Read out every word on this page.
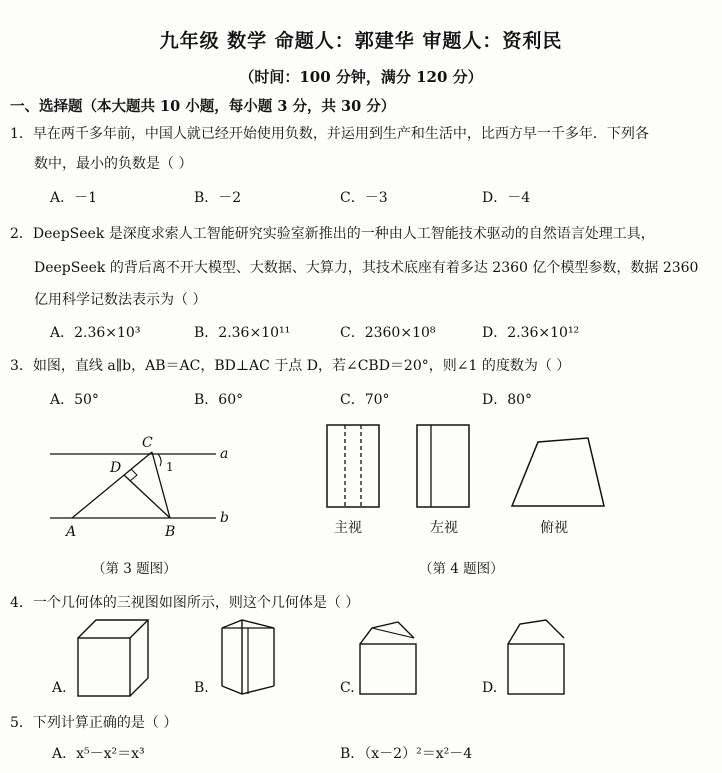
九年级 数学 命题人：郭建华 审题人：资利民
（时间：100 分钟，满分 120 分）
一、选择题（本大题共 10 小题，每小题 3 分，共 30 分）
1．早在两千多年前，中国人就已经开始使用负数，并运用到生产和生活中，比西方早一千多年．下列各
数中，最小的负数是（ ）
A．－1	B．－2	C．－3	D．－4
2．DeepSeek 是深度求索人工智能研究实验室新推出的一种由人工智能技术驱动的自然语言处理工具，
DeepSeek 的背后离不开大模型、大数据、大算力，其技术底座有着多达 2360 亿个模型参数，数据 2360
亿用科学记数法表示为（ ）
A．2.36×10³	B．2.36×10¹¹	C．2360×10⁸	D．2.36×10¹²
3．如图，直线 a∥b，AB＝AC，BD⊥AC 于点 D，若∠CBD＝20°，则∠1 的度数为（ ）
A．50°	B．60°	C．70°	D．80°
C
D
A	B
a
b
1
（第 3 题图）
主视	左视	俯视
（第 4 题图）
4．一个几何体的三视图如图所示，则这个几何体是（ ）
A.	B.	C.	D.
5．下列计算正确的是（ ）
A．x⁵－x²＝x³	B．（x－2）²＝x²－4
